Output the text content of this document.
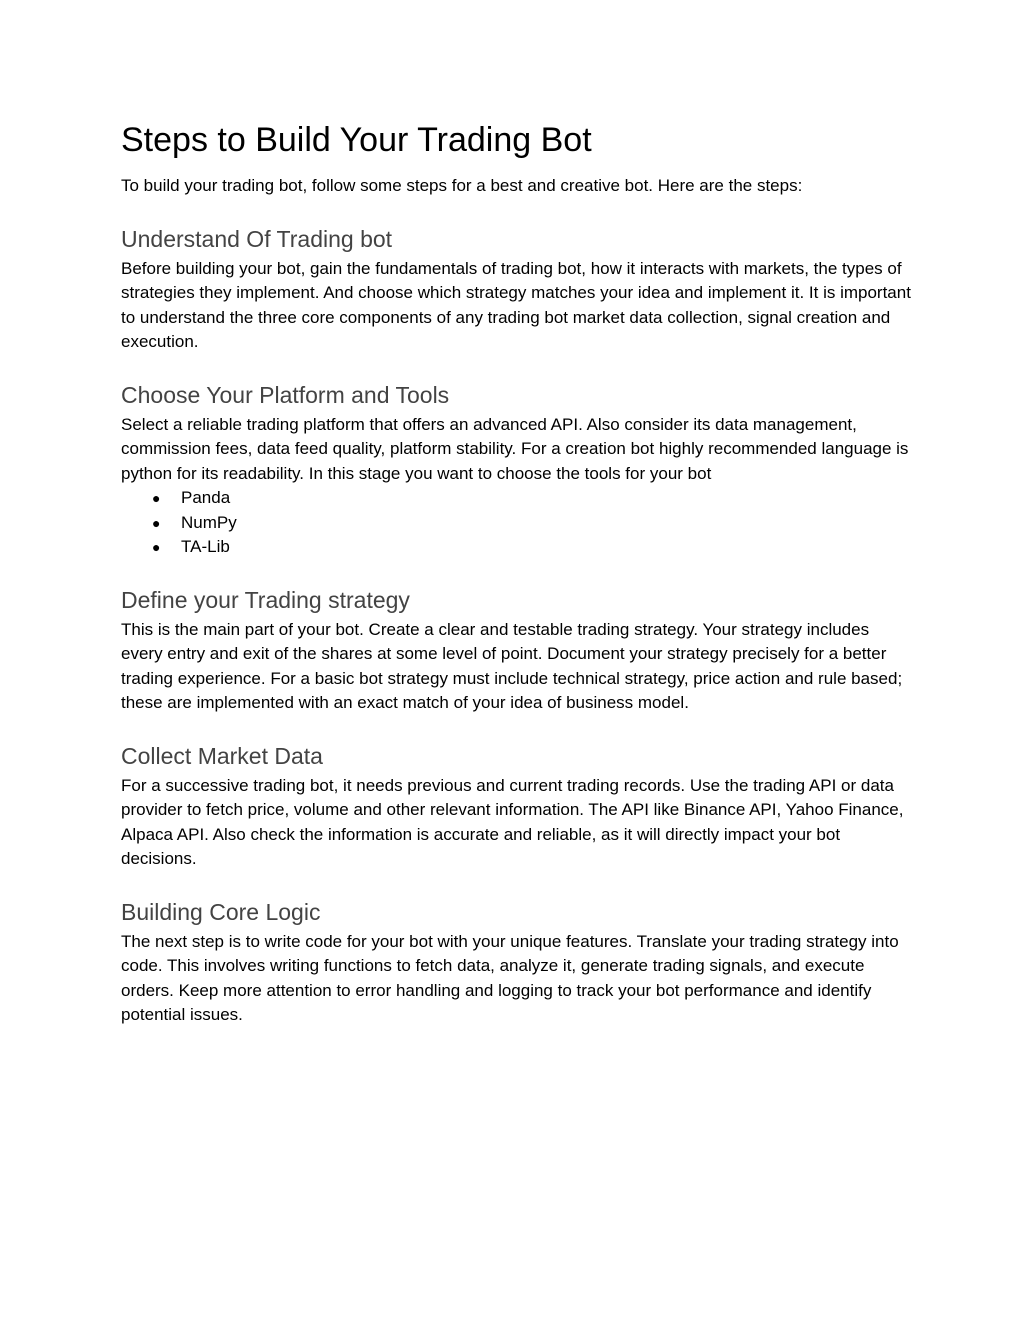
Steps to Build Your Trading Bot

To build your trading bot, follow some steps for a best and creative bot. Here are the steps:

Understand Of Trading bot

Before building your bot, gain the fundamentals of trading bot, how it interacts with markets, the types of strategies they implement. And choose which strategy matches your idea and implement it. It is important to understand the three core components of any trading bot market data collection, signal creation and execution.

Choose Your Platform and Tools

Select a reliable trading platform that offers an advanced API. Also consider its data management, commission fees, data feed quality, platform stability. For a creation bot highly recommended language is python for its readability. In this stage you want to choose the tools for your bot

● Panda
● NumPy
● TA-Lib
Define your Trading strategy

This is the main part of your bot. Create a clear and testable trading strategy. Your strategy includes every entry and exit of the shares at some level of point. Document your strategy precisely for a better trading experience. For a basic bot strategy must include technical strategy, price action and rule based; these are implemented with an exact match of your idea of business model.

Collect Market Data

For a successive trading bot, it needs previous and current trading records. Use the trading API or data provider to fetch price, volume and other relevant information. The API like Binance API, Yahoo Finance, Alpaca API. Also check the information is accurate and reliable, as it will directly impact your bot decisions.

Building Core Logic

The next step is to write code for your bot with your unique features. Translate your trading strategy into code. This involves writing functions to fetch data, analyze it, generate trading signals, and execute orders. Keep more attention to error handling and logging to track your bot performance and identify potential issues.
